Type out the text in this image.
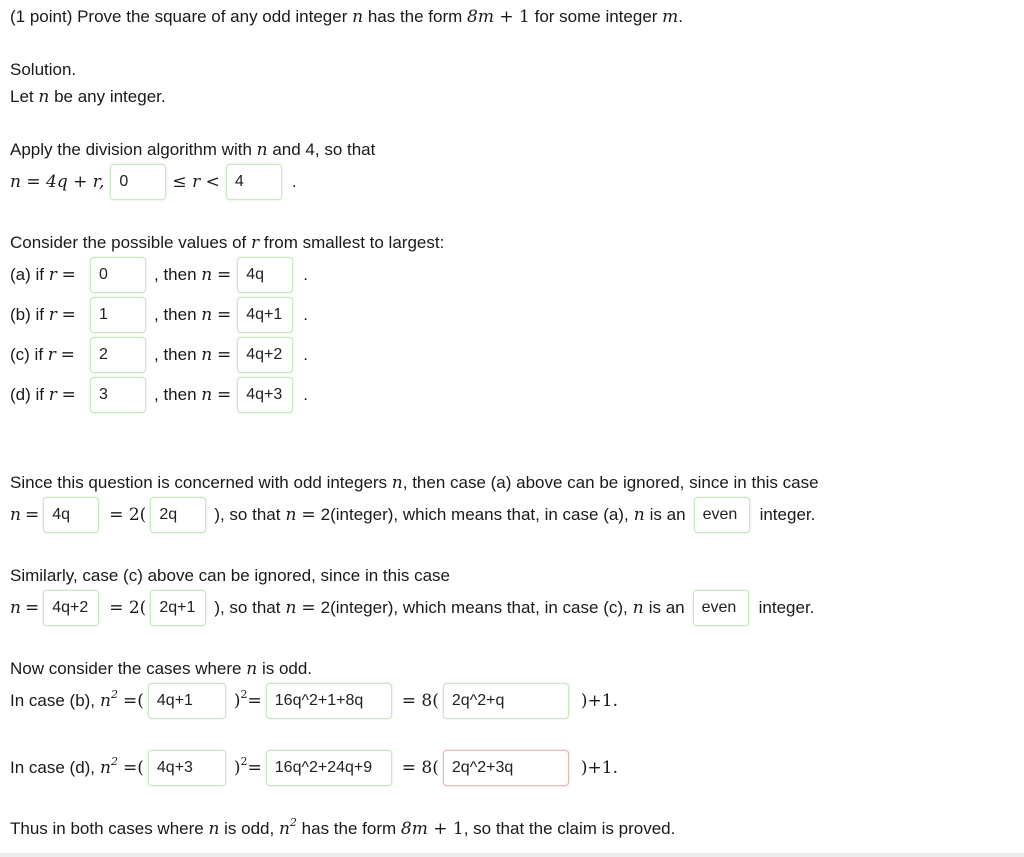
(1 point) Prove the square of any odd integer n has the form 8m + 1 for some integer m.
Solution.
Let n be any integer.
Apply the division algorithm with n and 4, so that
n = 4q + r, 0	≤ r < 4	.
Consider the possible values of r from smallest to largest:
(a) if r =	0	, then n = 4q	.
(b) if r =	1	, then n = 4q+1	.
(c) if r =	2	, then n = 4q+2	.
(d) if r =	3	, then n = 4q+3	.
Since this question is concerned with odd integers n, then case (a) above can be ignored, since in this case
n = 4q	= 2( 2q	), so that n = 2(integer) , which means that, in case (a), n is an	even	integer.
Similarly, case (c) above can be ignored, since in this case
n = 4q+2	= 2( 2q+1	), so that n = 2(integer) , which means that, in case (c), n is an	even	integer.
Now consider the cases where n is odd.
In case (b), $n^2$ =( 4q+1	)$^2$= 16q^2+1+8q	= 8( 2q^2+q	)+1.
In case (d), $n^2$ =( 4q+3	)$^2$= 16q^2+24q+9	= 8( 2q^2+3q	)+1.
Thus in both cases where n is odd, $n^2$ has the form 8m + 1, so that the claim is proved.
